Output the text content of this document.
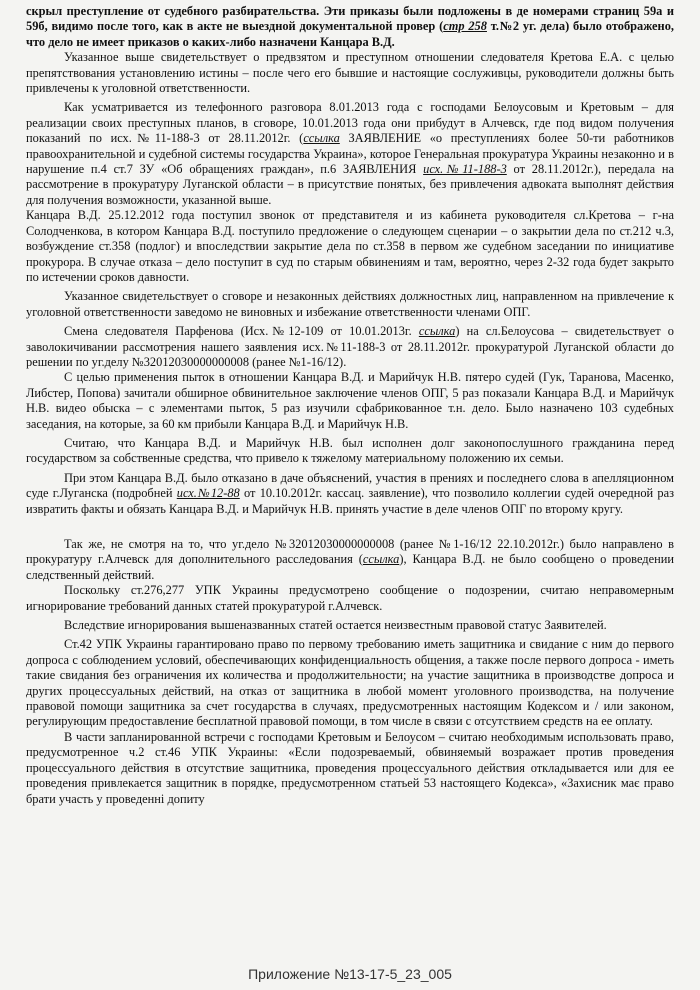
скрыл преступление от судебного разбирательства. Эти приказы были подложены в де номерами страниц 59а и 59б, видимо после того, как в акте не выездной документальной провер (стр 258 т.№2 уг. дела) было отображено, что дело не имеет приказов о каких-либо назначени Канцара В.Д.

Указанное выше свидетельствует о предвзятом и преступном отношении следователя Кретова Е.А. с целью препятствования установлению истины – после чего его бывшие и настоящие сослуживцы, руководители должны быть привлечены к уголовной ответственности.

Как усматривается из телефонного разговора 8.01.2013 года с господами Белоусовым и Кретовым – для реализации своих преступных планов, в сговоре, 10.01.2013 года они прибудут в Алчевск, где под видом получения показаний по исх.№11-188-3 от 28.11.2012г. (ссылка ЗАЯВЛЕНИЕ «о преступлениях более 50-ти работников правоохранительной и судебной системы государства Украина», которое Генеральная прокуратура Украины незаконно и в нарушение п.4 ст.7 ЗУ «Об обращениях граждан», п.6 ЗАЯВЛЕНИЯ исх.№11-188-3 от 28.11.2012г.), передала на рассмотрение в прокуратуру Луганской области – в присутствие понятых, без привлечения адвоката выполнят действия для получения возможности, указанной выше.

Канцара В.Д. 25.12.2012 года поступил звонок от представителя и из кабинета руководителя сл.Кретова – г-на Солодченкова, в котором Канцара В.Д. поступило предложение о следующем сценарии – о закрытии дела по ст.212 ч.3, возбуждение ст.358 (подлог) и впоследствии закрытие дела по ст.358 в первом же судебном заседании по инициативе прокурора. В случае отказа – дело поступит в суд по старым обвинениям и там, вероятно, через 2-32 года будет закрыто по истечении сроков давности.

Указанное свидетельствует о сговоре и незаконных действиях должностных лиц, направленном на привлечение к уголовной ответственности заведомо не виновных и избежание ответственности членами ОПГ.

Смена следователя Парфенова (Исх.№12-109 от 10.01.2013г. ссылка) на сл.Белоусова – свидетельствует о заволокичивании рассмотрения нашего заявления исх.№11-188-3 от 28.11.2012г. прокуратурой Луганской области до решении по уг.делу №32012030000000008 (ранее №1-16/12).

С целью применения пыток в отношении Канцара В.Д. и Марийчук Н.В. пятеро судей (Гук, Таранова, Масенко, Либстер, Попова) зачитали обширное обвинительное заключение членов ОПГ, 5 раз показали Канцара В.Д. и Марийчук Н.В. видео обыска – с элементами пыток, 5 раз изучили сфабрикованное т.н. дело. Было назначено 103 судебных заседания, на которые, за 60 км прибыли Канцара В.Д. и Марийчук Н.В.

Считаю, что Канцара В.Д. и Марийчук Н.В. был исполнен долг законопослушного гражданина перед государством за собственные средства, что привело к тяжелому материальному положению их семьи.

При этом Канцара В.Д. было отказано в даче объяснений, участия в прениях и последнего слова в апелляционном суде г.Луганска (подробней исх.№12-88 от 10.10.2012г. кассац. заявление), что позволило коллегии судей очередной раз извратить факты и обязать Канцара В.Д. и Марийчук Н.В. принять участие в деле членов ОПГ по второму кругу.

Так же, не смотря на то, что уг.дело №32012030000000008 (ранее №1-16/12 22.10.2012г.) было направлено в прокуратуру г.Алчевск для дополнительного расследования (ссылка), Канцара В.Д. не было сообщено о проведении следственный действий.

Поскольку ст.276,277 УПК Украины предусмотрено сообщение о подозрении, считаю неправомерным игнорирование требований данных статей прокуратурой г.Алчевск.

Вследствие игнорирования вышеназванных статей остается неизвестным правовой статус Заявителей.

Ст.42 УПК Украины гарантировано право по первому требованию иметь защитника и свидание с ним до первого допроса с соблюдением условий, обеспечивающих конфиденциальность общения, а также после первого допроса - иметь такие свидания без ограничения их количества и продолжительности; на участие защитника в производстве допроса и других процессуальных действий, на отказ от защитника в любой момент уголовного производства, на получение правовой помощи защитника за счет государства в случаях, предусмотренных настоящим Кодексом и / или законом, регулирующим предоставление бесплатной правовой помощи, в том числе в связи с отсутствием средств на ее оплату.

В части запланированной встречи с господами Кретовым и Белоусом – считаю необходимым использовать право, предусмотренное ч.2 ст.46 УПК Украины: «Если подозреваемый, обвиняемый возражает против проведения процессуального действия в отсутствие защитника, проведения процессуального действия откладывается или для ее проведения привлекается защитник в порядке, предусмотренном статьей 53 настоящего Кодекса», «Захисник має право брати участь у проведенні допиту

Приложение №13-17-5_23_005
